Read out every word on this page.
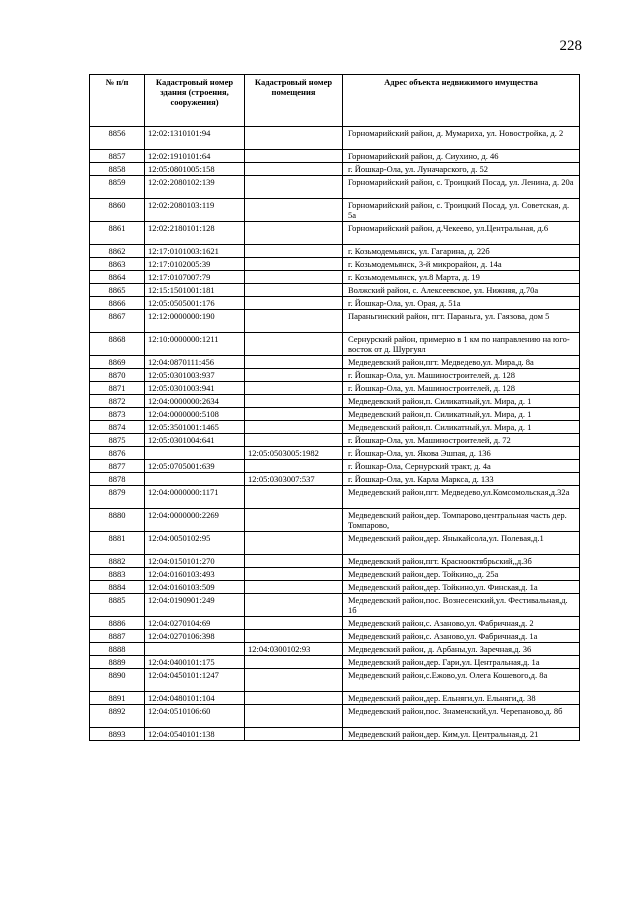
228
№ п/п	Кадастровый номер здания (строения, сооружения)	Кадастровый номер помещения	Адрес объекта недвижимого имущества
8856	12:02:1310101:94		Горномарийский район, д. Мумариха, ул. Новостройка, д. 2
8857	12:02:1910101:64		Горномарийский район, д. Сиухино, д. 46
8858	12:05:0801005:158		г. Йошкар-Ола, ул. Луначарского, д. 52
8859	12:02:2080102:139		Горномарийский район, с. Троицкий Посад, ул. Ленина, д. 20а
8860	12:02:2080103:119		Горномарийский район, с. Троицкий Посад, ул. Советская, д. 5а
8861	12:02:2180101:128		Горномарийский район, д.Чекеево, ул.Центральная, д.6
8862	12:17:0101003:1621		г. Козьмодемьянск, ул. Гагарина, д. 22б
8863	12:17:0102005:39		г. Козьмодемьянск, 3-й микрорайон, д. 14а
8864	12:17:0107007:79		г. Козьмодемьянск, ул.8 Марта, д. 19
8865	12:15:1501001:181		Волжский район, с. Алексеевское, ул. Нижняя, д.70а
8866	12:05:0505001:176		г. Йошкар-Ола, ул. Орая, д. 51а
8867	12:12:0000000:190		Параньгинский район, пгт. Параньга, ул. Гаязова, дом 5
8868	12:10:0000000:1211		Сернурский район, примерно в 1 км по направлению на юго-восток от д. Шургуял
8869	12:04:0870111:456		Медведевский район,пгт. Медведево,ул. Мира,д. 8а
8870	12:05:0301003:937		г. Йошкар-Ола, ул. Машиностроителей, д. 128
8871	12:05:0301003:941		г. Йошкар-Ола, ул. Машиностроителей, д. 128
8872	12:04:0000000:2634		Медведевский район,п. Силикатный,ул. Мира, д. 1
8873	12:04:0000000:5108		Медведевский район,п. Силикатный,ул. Мира, д. 1
8874	12:05:3501001:1465		Медведевский район,п. Силикатный,ул. Мира, д. 1
8875	12:05:0301004:641		г. Йошкар-Ола, ул. Машиностроителей, д. 72
8876		12:05:0503005:1982	г. Йошкар-Ола, ул. Якова Эшпая, д. 136
8877	12:05:0705001:639		г. Йошкар-Ола, Сернурский тракт, д. 4а
8878		12:05:0303007:537	г. Йошкар-Ола, ул. Карла Маркса, д. 133
8879	12:04:0000000:1171		Медведевский район,пгт. Медведево,ул.Комсомольская,д.32а
8880	12:04:0000000:2269		Медведевский район,дер. Томпарово,центральная часть дер. Томпарово,
8881	12:04:0050102:95		Медведевский район,дер. Яныкайсола,ул. Полевая,д.1
8882	12:04:0150101:270		Медведевский район,пгт. Краснооктябрьский,,д.3б
8883	12:04:0160103:493		Медведевский район,дер. Тойкино,,д. 25а
8884	12:04:0160103:509		Медведевский район,дер. Тойкино,ул. Финская,д. 1а
8885	12:04:0190901:249		Медведевский район,пос. Вознесенский,ул. Фестивальная,д. 1б
8886	12:04:0270104:69		Медведевский район,с. Азаново,ул. Фабричная,д. 2
8887	12:04:0270106:398		Медведевский район,с. Азаново,ул. Фабричная,д. 1а
8888		12:04:0300102:93	Медведевский район, д. Арбаны,ул. Заречная,д. 36
8889	12:04:0400101:175		Медведевский район,дер. Гари,ул. Центральная,д. 1а
8890	12:04:0450101:1247		Медведевский район,с.Ежово,ул. Олега Кошевого,д. 8а
8891	12:04:0480101:104		Медведевский район,дер. Ельняги,ул. Ельняги,д. 38
8892	12:04:0510106:60		Медведевский район,пос. Знаменский,ул. Черепаново,д. 8б
8893	12:04:0540101:138		Медведевский район,дер. Ким,ул. Центральная,д. 21
